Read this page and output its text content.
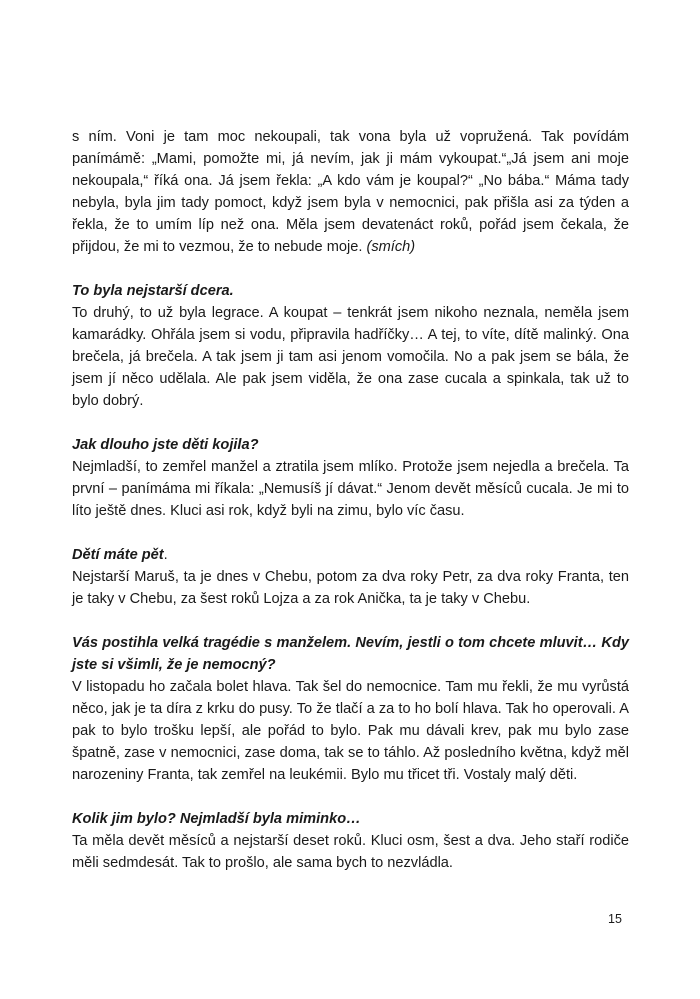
s ním. Voni je tam moc nekoupali, tak vona byla už vopružená. Tak povídám panímámě: „Mami, pomožte mi, já nevím, jak ji mám vykoupat.“„Já jsem ani moje nekoupala,“ říká ona. Já jsem řekla: „A kdo vám je koupal?“ „No bába.“ Máma tady nebyla, byla jim tady pomoct, když jsem byla v nemocnici, pak přišla asi za týden a řekla, že to umím líp než ona. Měla jsem devatenáct roků, pořád jsem čekala, že přijdou, že mi to vezmou, že to nebude moje. (smích)

To byla nejstarší dcera.
To druhý, to už byla legrace. A koupat – tenkrát jsem nikoho neznala, neměla jsem kamarádky. Ohřála jsem si vodu, připravila hadříčky… A tej, to víte, dítě malinký. Ona brečela, já brečela. A tak jsem ji tam asi jenom vomočila. No a pak jsem se bála, že jsem jí něco udělala. Ale pak jsem viděla, že ona zase cucala a spinkala, tak už to bylo dobrý.

Jak dlouho jste děti kojila?
Nejmladší, to zemřel manžel a ztratila jsem mlíko. Protože jsem nejedla a brečela. Ta první – panímáma mi říkala: „Nemusíš jí dávat.“ Jenom devět měsíců cucala. Je mi to líto ještě dnes. Kluci asi rok, když byli na zimu, bylo víc času.

Dětí máte pět.
Nejstarší Maruš, ta je dnes v Chebu, potom za dva roky Petr, za dva roky Franta, ten je taky v Chebu, za šest roků Lojza a za rok Anička, ta je taky v Chebu.

Vás postihla velká tragédie s manželem. Nevím, jestli o tom chcete mluvit… Kdy jste si všimli, že je nemocný?
V listopadu ho začala bolet hlava. Tak šel do nemocnice. Tam mu řekli, že mu vyrůstá něco, jak je ta díra z krku do pusy. To že tlačí a za to ho bolí hlava. Tak ho operovali. A pak to bylo trošku lepší, ale pořád to bylo. Pak mu dávali krev, pak mu bylo zase špatně, zase v nemocnici, zase doma, tak se to táhlo. Až posledního května, když měl narozeniny Franta, tak zemřel na leukémii. Bylo mu třicet tři. Vostaly malý děti.

Kolik jim bylo? Nejmladší byla miminko…
Ta měla devět měsíců a nejstarší deset roků. Kluci osm, šest a dva. Jeho staří rodiče měli sedmdesát. Tak to prošlo, ale sama bych to nezvládla.

15
